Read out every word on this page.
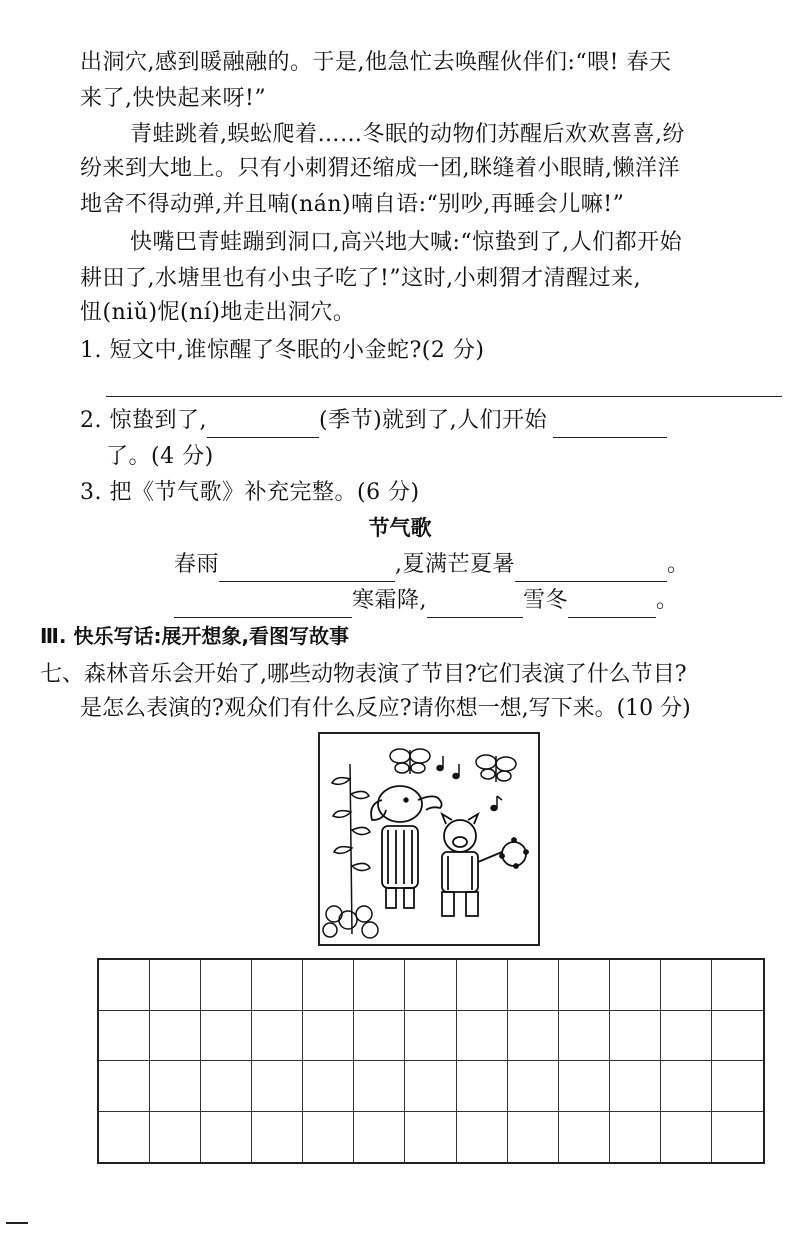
出洞穴,感到暖融融的。于是,他急忙去唤醒伙伴们:“喂! 春天
来了,快快起来呀!”
青蛙跳着,蜈蚣爬着……冬眠的动物们苏醒后欢欢喜喜,纷
纷来到大地上。只有小刺猬还缩成一团,眯缝着小眼睛,懒洋洋
地舍不得动弹,并且喃(nán)喃自语:“别吵,再睡会儿嘛!”
快嘴巴青蛙蹦到洞口,高兴地大喊:“惊蛰到了,人们都开始
耕田了,水塘里也有小虫子吃了!”这时,小刺猬才清醒过来,
忸(niǔ)怩(ní)地走出洞穴。
1. 短文中,谁惊醒了冬眠的小金蛇?(2 分)
2. 惊蛰到了,	(季节)就到了,人们开始
了。(4 分)
3. 把《节气歌》补充完整。(6 分)
节气歌
春雨	,夏满芒夏暑	。
寒霜降,	雪冬	。
Ⅲ. 快乐写话:展开想象,看图写故事
七、森林音乐会开始了,哪些动物表演了节目?它们表演了什么节目?
是怎么表演的?观众们有什么反应?请你想一想,写下来。(10 分)
